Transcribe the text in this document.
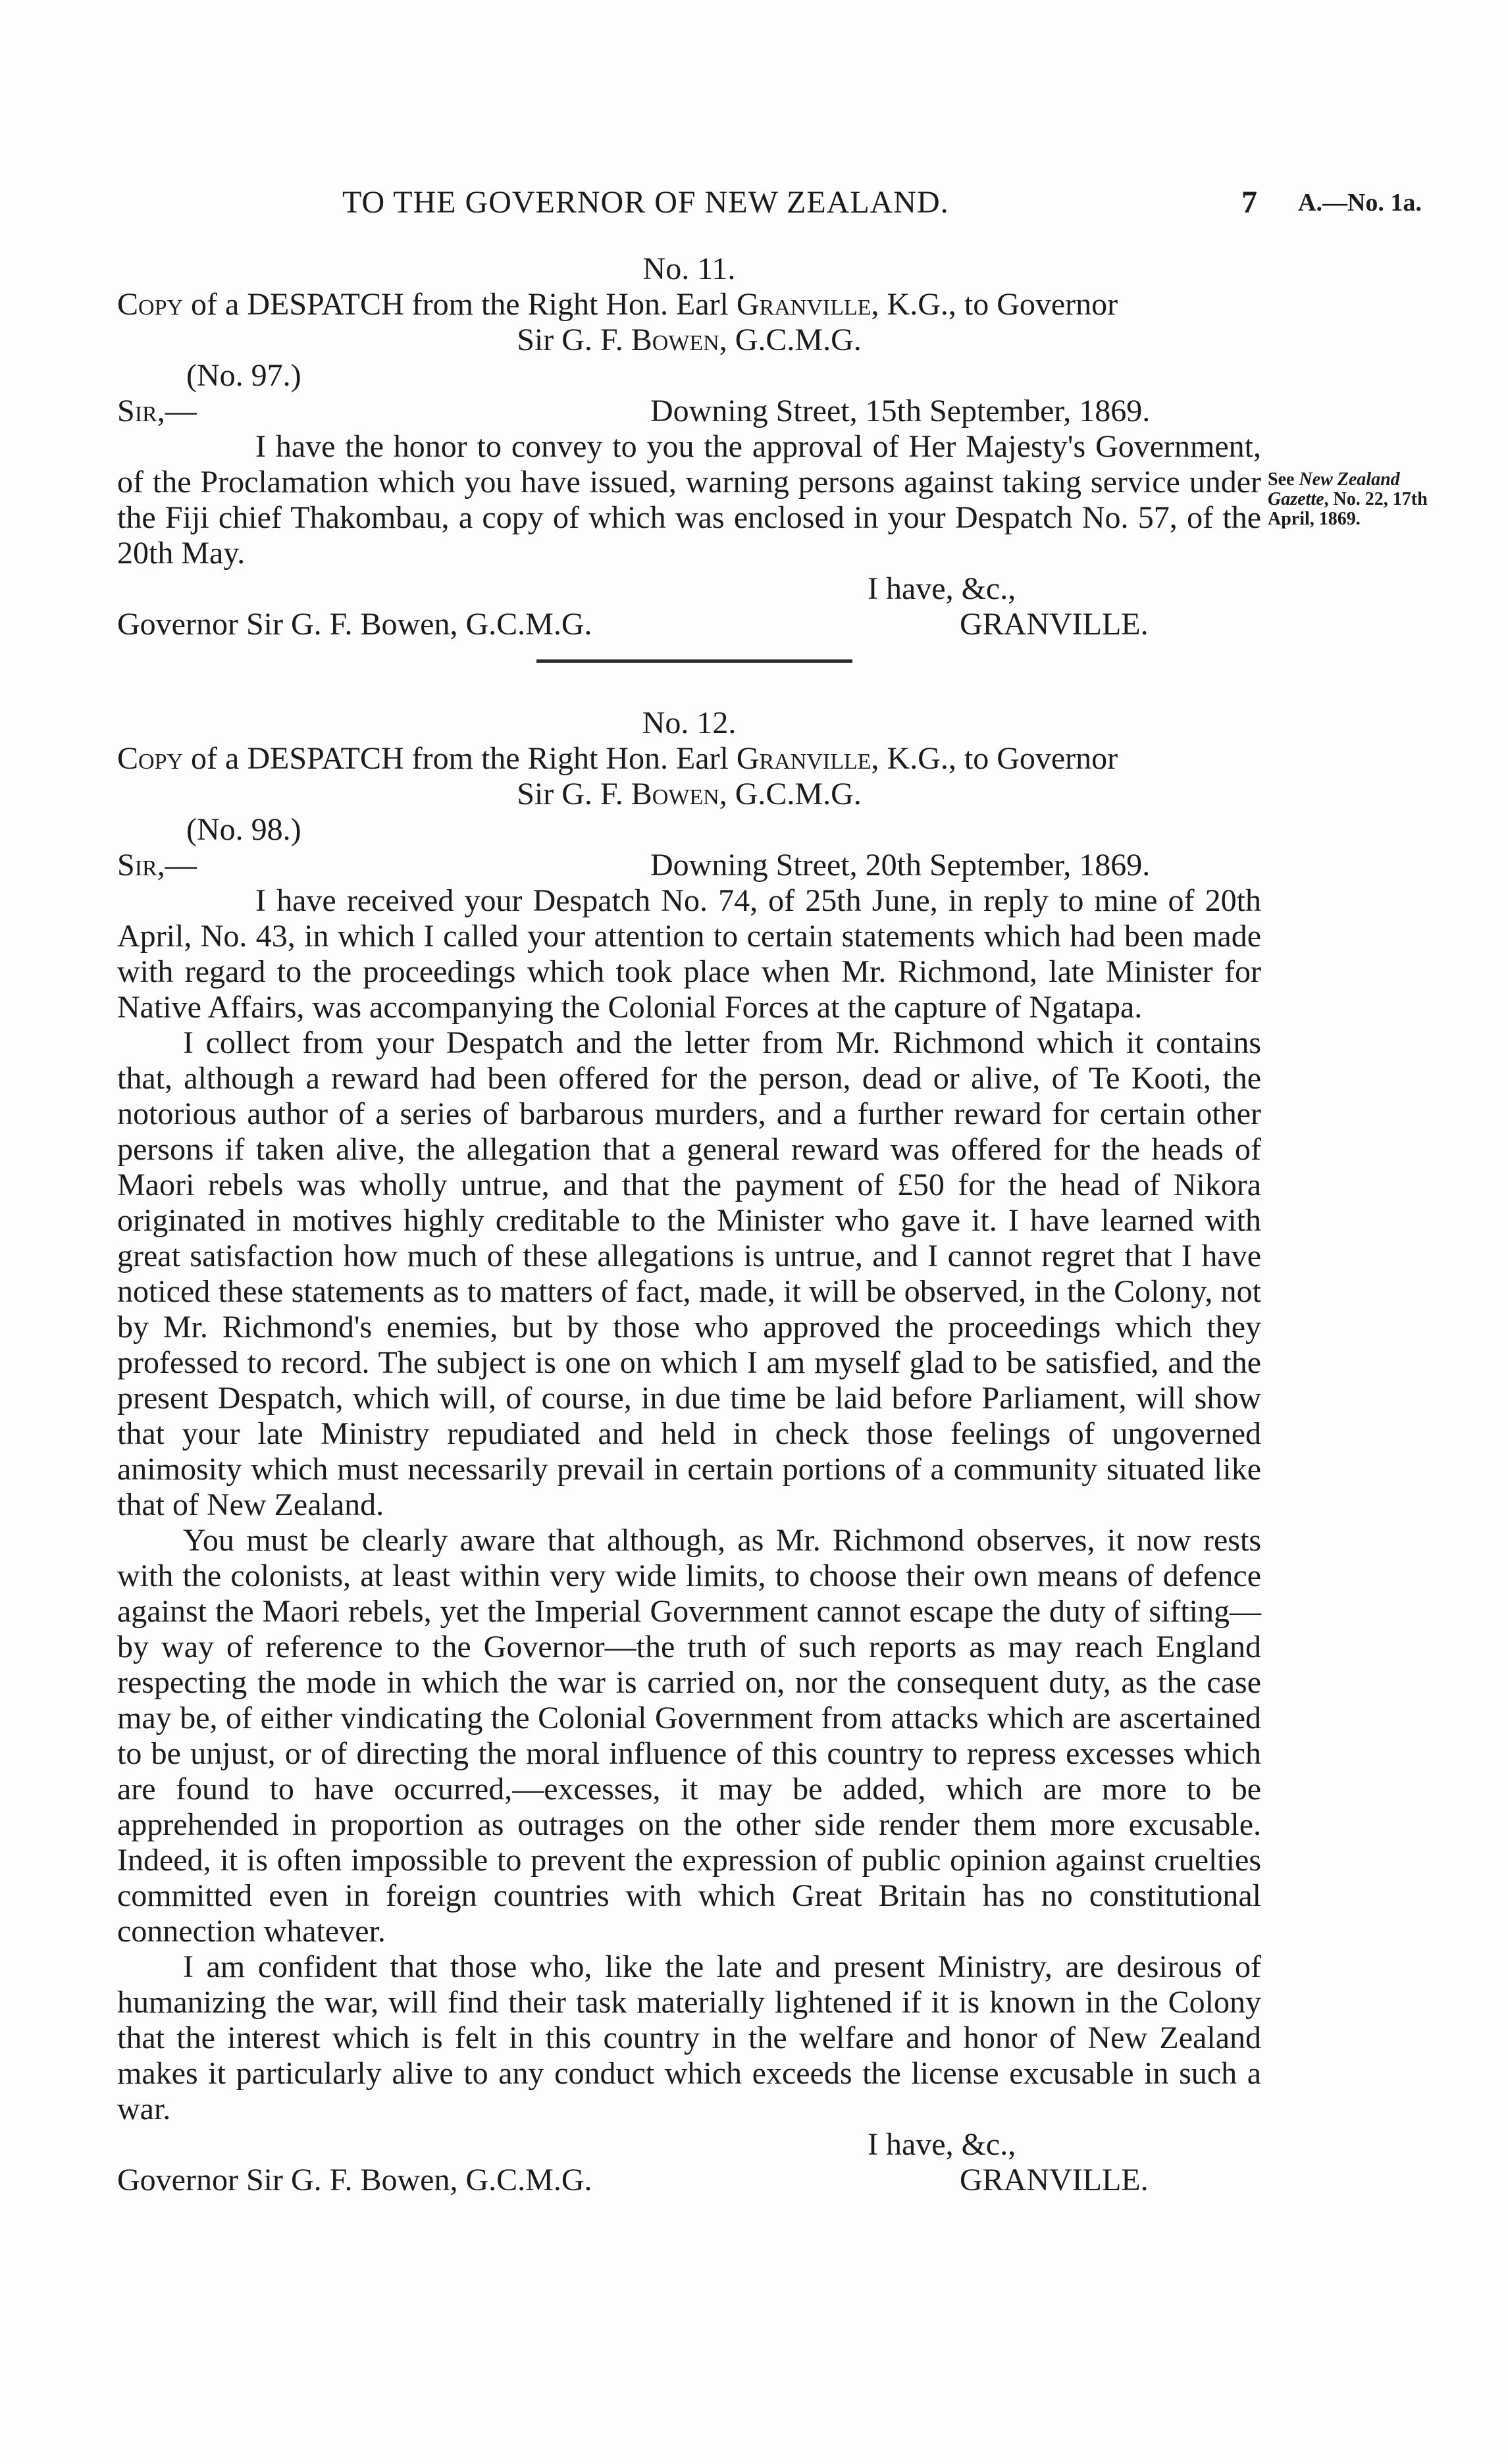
TO THE GOVERNOR OF NEW ZEALAND.	7 A.—No. 1a.
No. 11.
Copy of a DESPATCH from the Right Hon. Earl Granville, K.G., to Governor
Sir G. F. Bowen, G.C.M.G.
(No. 97.)
Sir,—	Downing Street, 15th September, 1869.

I have the honor to convey to you the approval of Her Majesty's Government, of the Proclamation which you have issued, warning persons against taking service under the Fiji chief Thakombau, a copy of which was enclosed in your Despatch No. 57, of the 20th May.

I have, &c.,
Governor Sir G. F. Bowen, G.C.M.G.	GRANVILLE.
See New Zealand Gazette, No. 22, 17th April, 1869.
No. 12.
Copy of a DESPATCH from the Right Hon. Earl Granville, K.G., to Governor
Sir G. F. Bowen, G.C.M.G.
(No. 98.)
Sir,—	Downing Street, 20th September, 1869.

I have received your Despatch No. 74, of 25th June, in reply to mine of 20th April, No. 43, in which I called your attention to certain statements which had been made with regard to the proceedings which took place when Mr. Richmond, late Minister for Native Affairs, was accompanying the Colonial Forces at the capture of Ngatapa.

I collect from your Despatch and the letter from Mr. Richmond which it contains that, although a reward had been offered for the person, dead or alive, of Te Kooti, the notorious author of a series of barbarous murders, and a further reward for certain other persons if taken alive, the allegation that a general reward was offered for the heads of Maori rebels was wholly untrue, and that the payment of £50 for the head of Nikora originated in motives highly creditable to the Minister who gave it. I have learned with great satisfaction how much of these allegations is untrue, and I cannot regret that I have noticed these statements as to matters of fact, made, it will be observed, in the Colony, not by Mr. Richmond's enemies, but by those who approved the proceedings which they professed to record. The subject is one on which I am myself glad to be satisfied, and the present Despatch, which will, of course, in due time be laid before Parliament, will show that your late Ministry repudiated and held in check those feelings of ungoverned animosity which must necessarily prevail in certain portions of a community situated like that of New Zealand.

You must be clearly aware that although, as Mr. Richmond observes, it now rests with the colonists, at least within very wide limits, to choose their own means of defence against the Maori rebels, yet the Imperial Government cannot escape the duty of sifting—by way of reference to the Governor—the truth of such reports as may reach England respecting the mode in which the war is carried on, nor the consequent duty, as the case may be, of either vindicating the Colonial Government from attacks which are ascertained to be unjust, or of directing the moral influence of this country to repress excesses which are found to have occurred,—excesses, it may be added, which are more to be apprehended in proportion as outrages on the other side render them more excusable. Indeed, it is often impossible to prevent the expression of public opinion against cruelties committed even in foreign countries with which Great Britain has no constitutional connection whatever.

I am confident that those who, like the late and present Ministry, are desirous of humanizing the war, will find their task materially lightened if it is known in the Colony that the interest which is felt in this country in the welfare and honor of New Zealand makes it particularly alive to any conduct which exceeds the license excusable in such a war.

I have, &c.,
Governor Sir G. F. Bowen, G.C.M.G.	GRANVILLE.
